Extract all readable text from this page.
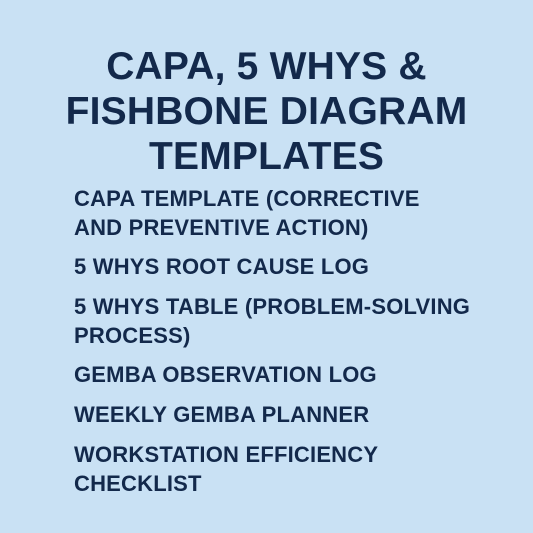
CAPA, 5 WHYS &
FISHBONE DIAGRAM
TEMPLATES
CAPA TEMPLATE (CORRECTIVE
AND PREVENTIVE ACTION)
5 WHYS ROOT CAUSE LOG
5 WHYS TABLE (PROBLEM-SOLVING
PROCESS)
GEMBA OBSERVATION LOG
WEEKLY GEMBA PLANNER
WORKSTATION EFFICIENCY
CHECKLIST
